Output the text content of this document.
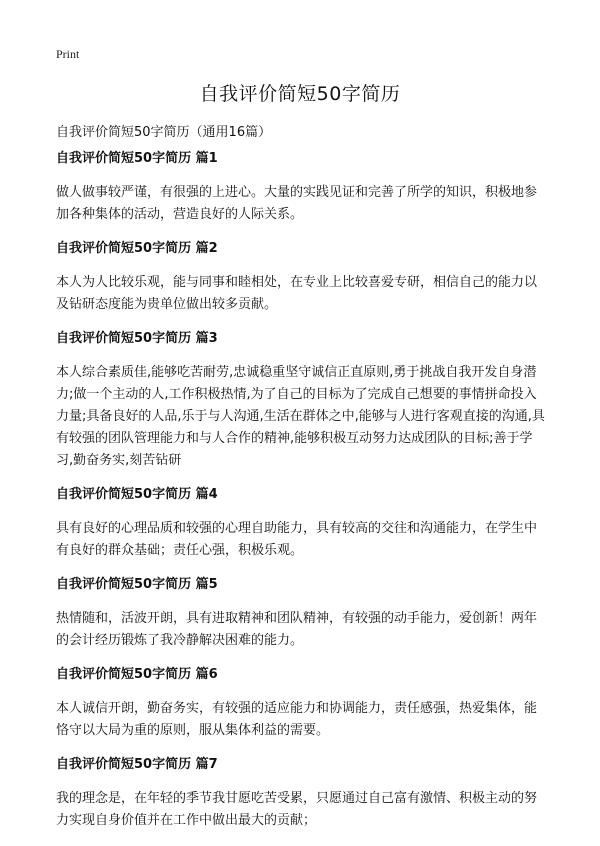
Print
自我评价简短50字简历

自我评价简短50字简历（通用16篇）

自我评价简短50字简历 篇1
做人做事较严谨，有很强的上进心。大量的实践见证和完善了所学的知识，积极地参加各种集体的活动，营造良好的人际关系。
自我评价简短50字简历 篇2
本人为人比较乐观，能与同事和睦相处，在专业上比较喜爱专研，相信自己的能力以及钻研态度能为贵单位做出较多贡献。
自我评价简短50字简历 篇3
本人综合素质佳,能够吃苦耐劳,忠诚稳重坚守诚信正直原则,勇于挑战自我开发自身潜力;做一个主动的人,工作积极热情,为了自己的目标为了完成自己想要的事情拼命投入力量;具备良好的人品,乐于与人沟通,生活在群体之中,能够与人进行客观直接的沟通,具有较强的团队管理能力和与人合作的精神,能够积极互动努力达成团队的目标;善于学习,勤奋务实,刻苦钻研
自我评价简短50字简历 篇4
具有良好的心理品质和较强的心理自助能力，具有较高的交往和沟通能力，在学生中有良好的群众基础；责任心强，积极乐观。
自我评价简短50字简历 篇5
热情随和，活波开朗，具有进取精神和团队精神，有较强的动手能力，爱创新！两年的会计经历锻炼了我冷静解决困难的能力。
自我评价简短50字简历 篇6
本人诚信开朗，勤奋务实，有较强的适应能力和协调能力，责任感强，热爱集体，能恪守以大局为重的原则，服从集体利益的需要。
自我评价简短50字简历 篇7
我的理念是，在年轻的季节我甘愿吃苦受累，只愿通过自己富有激情、积极主动的努力实现自身价值并在工作中做出最大的贡献；
